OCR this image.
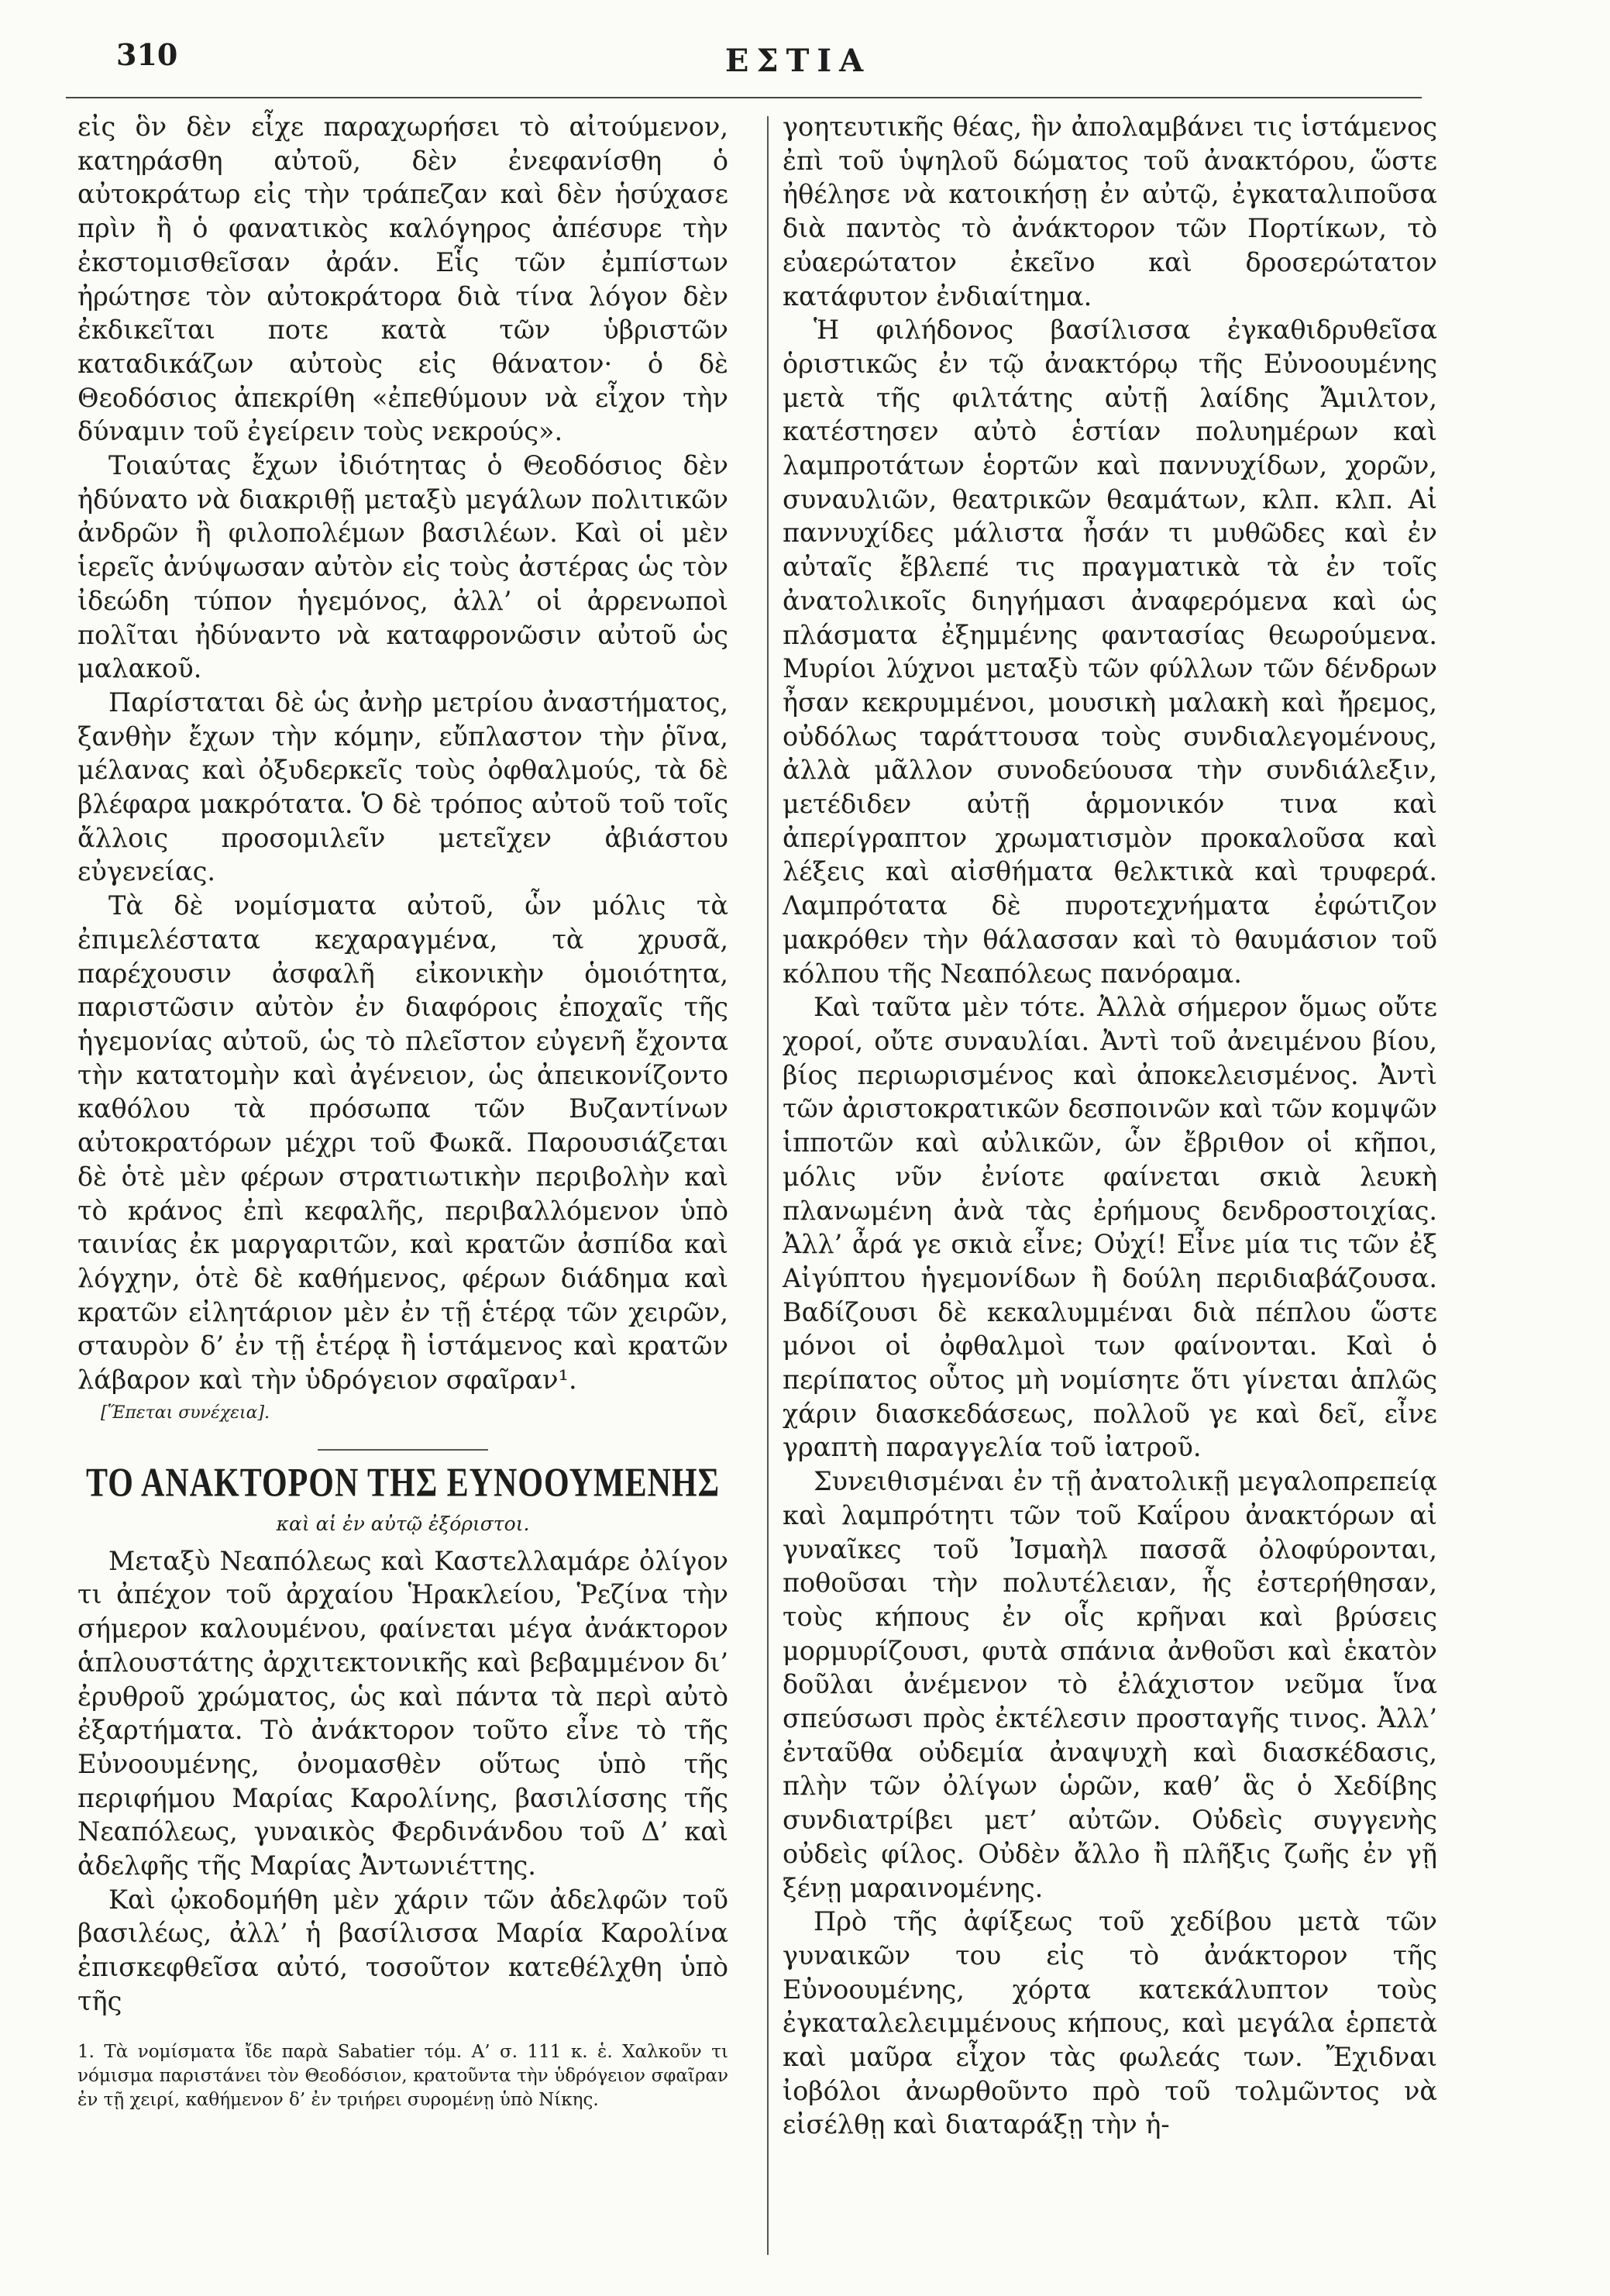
310	ΕΣΤΙΑ

εἰς ὃν δὲν εἶχε παραχωρήσει τὸ αἰτούμενον, κατηράσθη αὐτοῦ, δὲν ἐνεφανίσθη ὁ αὐτοκράτωρ εἰς τὴν τράπεζαν καὶ δὲν ἡσύχασε πρὶν ἢ ὁ φανατικὸς καλόγηρος ἀπέσυρε τὴν ἐκστομισθεῖσαν ἀράν. Εἷς τῶν ἐμπίστων ἠρώτησε τὸν αὐτοκράτορα διὰ τίνα λόγον δὲν ἐκδικεῖται ποτε κατὰ τῶν ὑβριστῶν καταδικάζων αὐτοὺς εἰς θάνατον· ὁ δὲ Θεοδόσιος ἀπεκρίθη «ἐπεθύμουν νὰ εἶχον τὴν δύναμιν τοῦ ἐγείρειν τοὺς νεκρούς».

Τοιαύτας ἔχων ἰδιότητας ὁ Θεοδόσιος δὲν ἠδύνατο νὰ διακριθῇ μεταξὺ μεγάλων πολιτικῶν ἀνδρῶν ἢ φιλοπολέμων βασιλέων. Καὶ οἱ μὲν ἱερεῖς ἀνύψωσαν αὐτὸν εἰς τοὺς ἀστέρας ὡς τὸν ἰδεώδη τύπον ἡγεμόνος, ἀλλ’ οἱ ἀρρενωποὶ πολῖται ἠδύναντο νὰ καταφρονῶσιν αὐτοῦ ὡς μαλακοῦ.

Παρίσταται δὲ ὡς ἀνὴρ μετρίου ἀναστήματος, ξανθὴν ἔχων τὴν κόμην, εὔπλαστον τὴν ῥῖνα, μέλανας καὶ ὀξυδερκεῖς τοὺς ὀφθαλμούς, τὰ δὲ βλέφαρα μακρότατα. Ὁ δὲ τρόπος αὐτοῦ τοῦ τοῖς ἄλλοις προσομιλεῖν μετεῖχεν ἀβιάστου εὐγενείας.

Τὰ δὲ νομίσματα αὐτοῦ, ὧν μόλις τὰ ἐπιμελέστατα κεχαραγμένα, τὰ χρυσᾶ, παρέχουσιν ἀσφαλῆ εἰκονικὴν ὁμοιότητα, παριστῶσιν αὐτὸν ἐν διαφόροις ἐποχαῖς τῆς ἡγεμονίας αὐτοῦ, ὡς τὸ πλεῖστον εὐγενῆ ἔχοντα τὴν κατατομὴν καὶ ἀγένειον, ὡς ἀπεικονίζοντο καθόλου τὰ πρόσωπα τῶν Βυζαντίνων αὐτοκρατόρων μέχρι τοῦ Φωκᾶ. Παρουσιάζεται δὲ ὁτὲ μὲν φέρων στρατιωτικὴν περιβολὴν καὶ τὸ κράνος ἐπὶ κεφαλῆς, περιβαλλόμενον ὑπὸ ταινίας ἐκ μαργαριτῶν, καὶ κρατῶν ἀσπίδα καὶ λόγχην, ὁτὲ δὲ καθήμενος, φέρων διάδημα καὶ κρατῶν εἰλητάριον μὲν ἐν τῇ ἑτέρᾳ τῶν χειρῶν, σταυρὸν δ’ ἐν τῇ ἑτέρᾳ ἢ ἱστάμενος καὶ κρατῶν λάβαρον καὶ τὴν ὑδρόγειον σφαῖραν¹.

[Ἕπεται συνέχεια].
ΤΟ ΑΝΑΚΤΟΡΟΝ ΤΗΣ ΕΥΝΟΟΥΜΕΝΗΣ
καὶ αἱ ἐν αὐτῷ ἐξόριστοι.

Μεταξὺ Νεαπόλεως καὶ Καστελλαμάρε ὀλίγον τι ἀπέχον τοῦ ἀρχαίου Ἡρακλείου, Ῥεζίνα τὴν σήμερον καλουμένου, φαίνεται μέγα ἀνάκτορον ἁπλουστάτης ἀρχιτεκτονικῆς καὶ βεβαμμένον δι’ ἐρυθροῦ χρώματος, ὡς καὶ πάντα τὰ περὶ αὐτὸ ἐξαρτήματα. Τὸ ἀνάκτορον τοῦτο εἶνε τὸ τῆς Εὐνοουμένης, ὀνομασθὲν οὕτως ὑπὸ τῆς περιφήμου Μαρίας Καρολίνης, βασιλίσσης τῆς Νεαπόλεως, γυναικὸς Φερδινάνδου τοῦ Δ’ καὶ ἀδελφῆς τῆς Μαρίας Ἀντωνιέττης.

Καὶ ᾠκοδομήθη μὲν χάριν τῶν ἀδελφῶν τοῦ βασιλέως, ἀλλ’ ἡ βασίλισσα Μαρία Καρολίνα ἐπισκεφθεῖσα αὐτό, τοσοῦτον κατεθέλχθη ὑπὸ τῆς

1. Τὰ νομίσματα ἴδε παρὰ Sabatier τόμ. Α’ σ. 111 κ. ἑ. Χαλκοῦν τι νόμισμα παριστάνει τὸν Θεοδόσιον, κρατοῦντα τὴν ὑδρόγειον σφαῖραν ἐν τῇ χειρί, καθήμενον δ’ ἐν τριήρει συρομένῃ ὑπὸ Νίκης.

γοητευτικῆς θέας, ἣν ἀπολαμβάνει τις ἱστάμενος ἐπὶ τοῦ ὑψηλοῦ δώματος τοῦ ἀνακτόρου, ὥστε ἠθέλησε νὰ κατοικήσῃ ἐν αὐτῷ, ἐγκαταλιποῦσα διὰ παντὸς τὸ ἀνάκτορον τῶν Πορτίκων, τὸ εὐαερώτατον ἐκεῖνο καὶ δροσερώτατον κατάφυτον ἐνδιαίτημα.

Ἡ φιλήδονος βασίλισσα ἐγκαθιδρυθεῖσα ὁριστικῶς ἐν τῷ ἀνακτόρῳ τῆς Εὐνοουμένης μετὰ τῆς φιλτάτης αὐτῇ λαίδης Ἄμιλτον, κατέστησεν αὐτὸ ἑστίαν πολυημέρων καὶ λαμπροτάτων ἑορτῶν καὶ παννυχίδων, χορῶν, συναυλιῶν, θεατρικῶν θεαμάτων, κλπ. κλπ. Αἱ παννυχίδες μάλιστα ἦσάν τι μυθῶδες καὶ ἐν αὐταῖς ἔβλεπέ τις πραγματικὰ τὰ ἐν τοῖς ἀνατολικοῖς διηγήμασι ἀναφερόμενα καὶ ὡς πλάσματα ἐξημμένης φαντασίας θεωρούμενα. Μυρίοι λύχνοι μεταξὺ τῶν φύλλων τῶν δένδρων ἦσαν κεκρυμμένοι, μουσικὴ μαλακὴ καὶ ἤρεμος, οὐδόλως ταράττουσα τοὺς συνδιαλεγομένους, ἀλλὰ μᾶλλον συνοδεύουσα τὴν συνδιάλεξιν, μετέδιδεν αὐτῇ ἁρμονικόν τινα καὶ ἀπερίγραπτον χρωματισμὸν προκαλοῦσα καὶ λέξεις καὶ αἰσθήματα θελκτικὰ καὶ τρυφερά. Λαμπρότατα δὲ πυροτεχνήματα ἐφώτιζον μακρόθεν τὴν θάλασσαν καὶ τὸ θαυμάσιον τοῦ κόλπου τῆς Νεαπόλεως πανόραμα.

Καὶ ταῦτα μὲν τότε. Ἀλλὰ σήμερον ὅμως οὔτε χοροί, οὔτε συναυλίαι. Ἀντὶ τοῦ ἀνειμένου βίου, βίος περιωρισμένος καὶ ἀποκελεισμένος. Ἀντὶ τῶν ἀριστοκρατικῶν δεσποινῶν καὶ τῶν κομψῶν ἱπποτῶν καὶ αὐλικῶν, ὧν ἔβριθον οἱ κῆποι, μόλις νῦν ἐνίοτε φαίνεται σκιὰ λευκὴ πλανωμένη ἀνὰ τὰς ἐρήμους δενδροστοιχίας. Ἀλλ’ ἆρά γε σκιὰ εἶνε; Οὐχί! Εἶνε μία τις τῶν ἐξ Αἰγύπτου ἡγεμονίδων ἢ δούλη περιδιαβάζουσα. Βαδίζουσι δὲ κεκαλυμμέναι διὰ πέπλου ὥστε μόνοι οἱ ὀφθαλμοὶ των φαίνονται. Καὶ ὁ περίπατος οὗτος μὴ νομίσητε ὅτι γίνεται ἁπλῶς χάριν διασκεδάσεως, πολλοῦ γε καὶ δεῖ, εἶνε γραπτὴ παραγγελία τοῦ ἰατροῦ.

Συνειθισμέναι ἐν τῇ ἀνατολικῇ μεγαλοπρεπείᾳ καὶ λαμπρότητι τῶν τοῦ Καΐρου ἀνακτόρων αἱ γυναῖκες τοῦ Ἰσμαὴλ πασσᾶ ὀλοφύρονται, ποθοῦσαι τὴν πολυτέλειαν, ἧς ἐστερήθησαν, τοὺς κήπους ἐν οἷς κρῆναι καὶ βρύσεις μορμυρίζουσι, φυτὰ σπάνια ἀνθοῦσι καὶ ἑκατὸν δοῦλαι ἀνέμενον τὸ ἐλάχιστον νεῦμα ἵνα σπεύσωσι πρὸς ἐκτέλεσιν προσταγῆς τινος. Ἀλλ’ ἐνταῦθα οὐδεμία ἀναψυχὴ καὶ διασκέδασις, πλὴν τῶν ὀλίγων ὡρῶν, καθ’ ἃς ὁ Χεδίβης συνδιατρίβει μετ’ αὐτῶν. Οὐδεὶς συγγενὴς οὐδεὶς φίλος. Οὐδὲν ἄλλο ἢ πλῆξις ζωῆς ἐν γῇ ξένῃ μαραινομένης.

Πρὸ τῆς ἀφίξεως τοῦ χεδίβου μετὰ τῶν γυναικῶν του εἰς τὸ ἀνάκτορον τῆς Εὐνοουμένης, χόρτα κατεκάλυπτον τοὺς ἐγκαταλελειμμένους κήπους, καὶ μεγάλα ἑρπετὰ καὶ μαῦρα εἶχον τὰς φωλεάς των. Ἔχιδναι ἰοβόλοι ἀνωρθοῦντο πρὸ τοῦ τολμῶντος νὰ εἰσέλθῃ καὶ διαταράξῃ τὴν ἡ-
